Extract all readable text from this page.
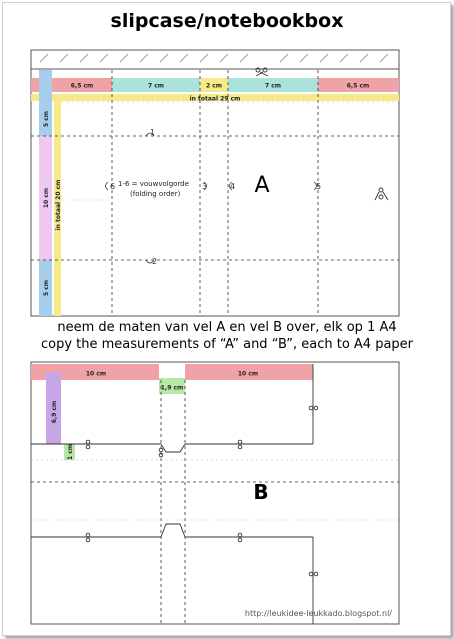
slipcase/notebookbox
6,5 cm	7 cm	2 cm	7 cm	6,5 cm
in totaal 29 cm
5 cm
10 cm
5 cm
in totaal 20 cm
10 cm
1,9 cm
10 cm
6,9 cm
1 cm
1-6 = vouwvolgorde
(folding order)
1
2
3	4	5
6	A
B
neem de maten van vel A en vel B over, elk op 1 A4
copy the measurements of “A” and “B”, each to A4 paper
http://leukidee-leukkado.blogspot.nl/
